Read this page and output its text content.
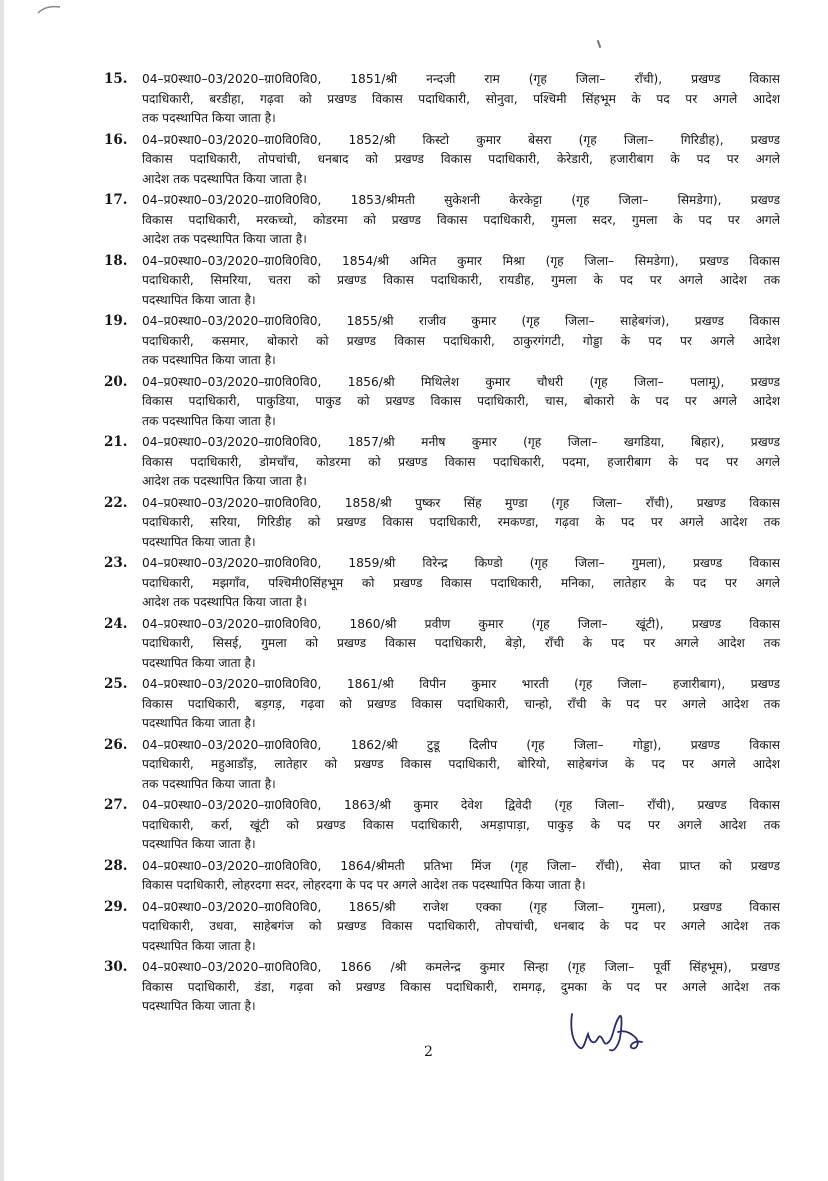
15. 04–प्र0स्था0–03/2020–ग्रा0वि0वि0, 1851/श्री नन्दजी राम (गृह जिला– राँची), प्रखण्ड विकास
पदाधिकारी, बरडीहा, गढ़वा को प्रखण्ड विकास पदाधिकारी, सोनुवा, पश्चिमी सिंहभूम के पद पर अगले आदेश
तक पदस्थापित किया जाता है।
16. 04–प्र0स्था0–03/2020–ग्रा0वि0वि0, 1852/श्री किस्टो कुमार बेसरा (गृह जिला– गिरिडीह), प्रखण्ड
विकास पदाधिकारी, तोपचांची, धनबाद को प्रखण्ड विकास पदाधिकारी, केरेडारी, हजारीबाग के पद पर अगले
आदेश तक पदस्थापित किया जाता है।
17. 04–प्र0स्था0–03/2020–ग्रा0वि0वि0, 1853/श्रीमती सुकेशनी केरकेट्टा (गृह जिला– सिमडेगा), प्रखण्ड
विकास पदाधिकारी, मरकच्चो, कोडरमा को प्रखण्ड विकास पदाधिकारी, गुमला सदर, गुमला के पद पर अगले
आदेश तक पदस्थापित किया जाता है।
18. 04–प्र0स्था0–03/2020–ग्रा0वि0वि0, 1854/श्री अमित कुमार मिश्रा (गृह जिला– सिमडेगा), प्रखण्ड विकास
पदाधिकारी, सिमरिया, चतरा को प्रखण्ड विकास पदाधिकारी, रायडीह, गुमला के पद पर अगले आदेश तक
पदस्थापित किया जाता है।
19. 04–प्र0स्था0–03/2020–ग्रा0वि0वि0, 1855/श्री राजीव कुमार (गृह जिला– साहेबगंज), प्रखण्ड विकास
पदाधिकारी, कसमार, बोकारो को प्रखण्ड विकास पदाधिकारी, ठाकुरगंगटी, गोड्डा के पद पर अगले आदेश
तक पदस्थापित किया जाता है।
20. 04–प्र0स्था0–03/2020–ग्रा0वि0वि0, 1856/श्री मिथिलेश कुमार चौधरी (गृह जिला– पलामू), प्रखण्ड
विकास पदाधिकारी, पाकुडिया, पाकुड को प्रखण्ड विकास पदाधिकारी, चास, बोकारो के पद पर अगले आदेश
तक पदस्थापित किया जाता है।
21. 04–प्र0स्था0–03/2020–ग्रा0वि0वि0, 1857/श्री मनीष कुमार (गृह जिला– खगडिया, बिहार), प्रखण्ड
विकास पदाधिकारी, डोमचाँच, कोडरमा को प्रखण्ड विकास पदाधिकारी, पदमा, हजारीबाग के पद पर अगले
आदेश तक पदस्थापित किया जाता है।
22. 04–प्र0स्था0–03/2020–ग्रा0वि0वि0, 1858/श्री पुष्कर सिंह मुण्डा (गृह जिला– राँची), प्रखण्ड विकास
पदाधिकारी, सरिया, गिरिडीह को प्रखण्ड विकास पदाधिकारी, रमकण्डा, गढ़वा के पद पर अगले आदेश तक
पदस्थापित किया जाता है।
23. 04–प्र0स्था0–03/2020–ग्रा0वि0वि0, 1859/श्री विरेन्द्र किण्डो (गृह जिला– गुमला), प्रखण्ड विकास
पदाधिकारी, मझगाँव, पश्चिमी0सिंहभूम को प्रखण्ड विकास पदाधिकारी, मनिका, लातेहार के पद पर अगले
आदेश तक पदस्थापित किया जाता है।
24. 04–प्र0स्था0–03/2020–ग्रा0वि0वि0, 1860/श्री प्रवीण कुमार (गृह जिला– खूंटी), प्रखण्ड विकास
पदाधिकारी, सिसई, गुमला को प्रखण्ड विकास पदाधिकारी, बेड़ो, राँची के पद पर अगले आदेश तक
पदस्थापित किया जाता है।
25. 04–प्र0स्था0–03/2020–ग्रा0वि0वि0, 1861/श्री विपीन कुमार भारती (गृह जिला– हजारीबाग), प्रखण्ड
विकास पदाधिकारी, बड़गड़, गढ़वा को प्रखण्ड विकास पदाधिकारी, चान्हो, राँची के पद पर अगले आदेश तक
पदस्थापित किया जाता है।
26. 04–प्र0स्था0–03/2020–ग्रा0वि0वि0, 1862/श्री टुडू दिलीप (गृह जिला– गोड्डा), प्रखण्ड विकास
पदाधिकारी, महुआडाँड़, लातेहार को प्रखण्ड विकास पदाधिकारी, बोरियो, साहेबगंज के पद पर अगले आदेश
तक पदस्थापित किया जाता है।
27. 04–प्र0स्था0–03/2020–ग्रा0वि0वि0, 1863/श्री कुमार देवेश द्विवेदी (गृह जिला– राँची), प्रखण्ड विकास
पदाधिकारी, कर्रा, खूंटी को प्रखण्ड विकास पदाधिकारी, अमड़ापाड़ा, पाकुड़ के पद पर अगले आदेश तक
पदस्थापित किया जाता है।
28. 04–प्र0स्था0–03/2020–ग्रा0वि0वि0, 1864/श्रीमती प्रतिभा मिंज (गृह जिला– राँची), सेवा प्राप्त को प्रखण्ड
विकास पदाधिकारी, लोहरदगा सदर, लोहरदगा के पद पर अगले आदेश तक पदस्थापित किया जाता है।
29. 04–प्र0स्था0–03/2020–ग्रा0वि0वि0, 1865/श्री राजेश एक्का (गृह जिला– गुमला), प्रखण्ड विकास
पदाधिकारी, उधवा, साहेबगंज को प्रखण्ड विकास पदाधिकारी, तोपचांची, धनबाद के पद पर अगले आदेश तक
पदस्थापित किया जाता है।
30. 04–प्र0स्था0–03/2020–ग्रा0वि0वि0, 1866 /श्री कमलेन्द्र कुमार सिन्हा (गृह जिला– पूर्वी सिंहभूम), प्रखण्ड
विकास पदाधिकारी, डंडा, गढ़वा को प्रखण्ड विकास पदाधिकारी, रामगढ़, दुमका के पद पर अगले आदेश तक
पदस्थापित किया जाता है।
2
